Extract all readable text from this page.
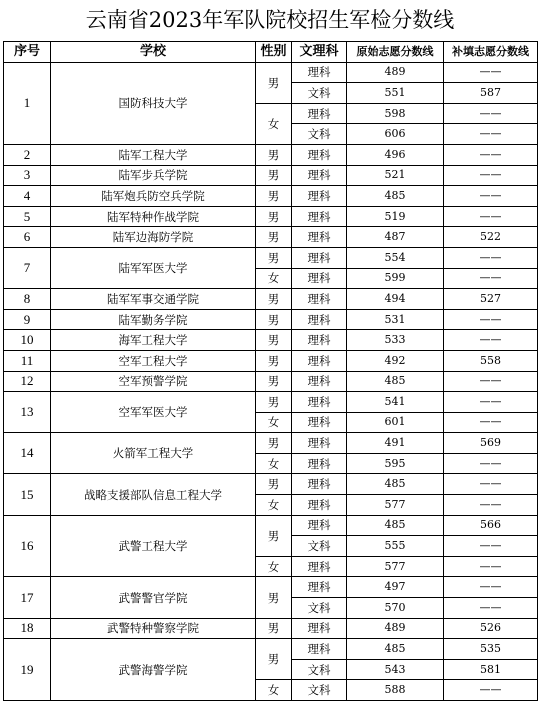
云南省2023年军队院校招生军检分数线
序号	学校	性别	文理科	原始志愿分数线	补填志愿分数线
1	国防科技大学	男	理科	489	——
			文科	551	587
		女	理科	598	——
			文科	606	——
2	陆军工程大学	男	理科	496	——
3	陆军步兵学院	男	理科	521	——
4	陆军炮兵防空兵学院	男	理科	485	——
5	陆军特种作战学院	男	理科	519	——
6	陆军边海防学院	男	理科	487	522
7	陆军军医大学	男	理科	554	——
		女	理科	599	——
8	陆军军事交通学院	男	理科	494	527
9	陆军勤务学院	男	理科	531	——
10	海军工程大学	男	理科	533	——
11	空军工程大学	男	理科	492	558
12	空军预警学院	男	理科	485	——
13	空军军医大学	男	理科	541	——
		女	理科	601	——
14	火箭军工程大学	男	理科	491	569
		女	理科	595	——
15	战略支援部队信息工程大学	男	理科	485	——
		女	理科	577	——
16	武警工程大学	男	理科	485	566
			文科	555	——
		女	理科	577	——
17	武警警官学院	男	理科	497	——
			文科	570	——
18	武警特种警察学院	男	理科	489	526
19	武警海警学院	男	理科	485	535
			文科	543	581
		女	文科	588	——
